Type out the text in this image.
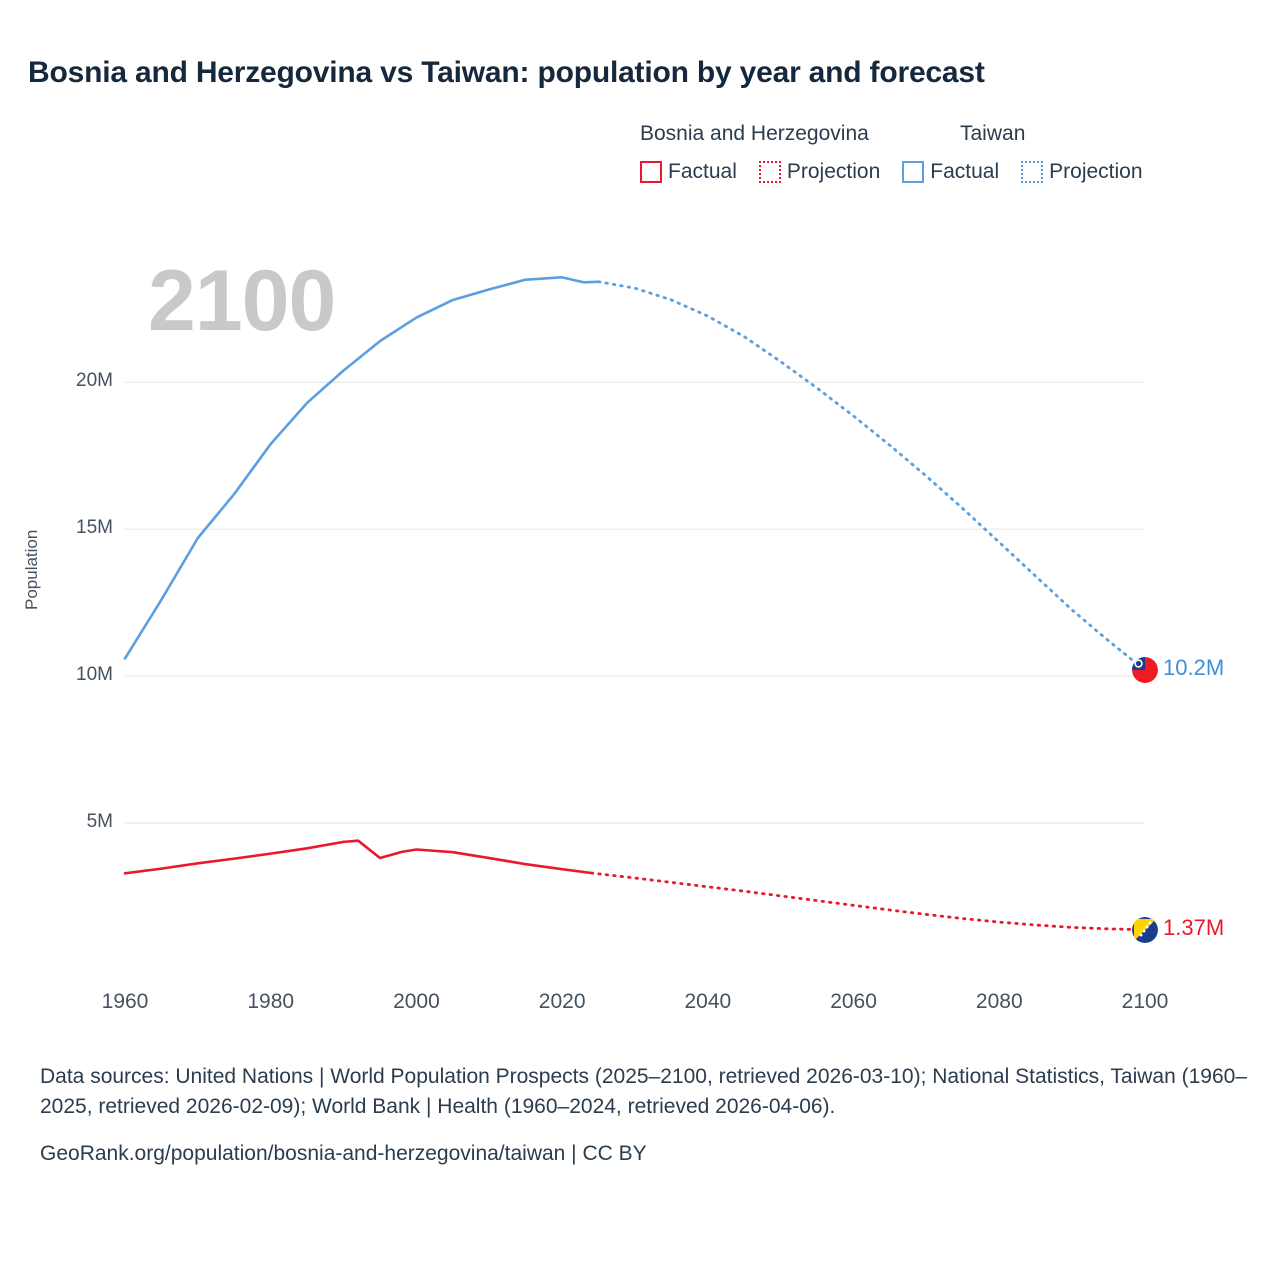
Bosnia and Herzegovina vs Taiwan: population by year and forecast
Bosnia and Herzegovina	Taiwan
Factual Projection Factual Projection
2100
Population
20M
15M
10M
5M
10.2M
1.37M
1960	1980	2000	2020	2040	2060	2080	2100

Data sources: United Nations | World Population Prospects (2025–2100, retrieved 2026-03-10); National Statistics, Taiwan (1960–2025, retrieved 2026-02-09); World Bank | Health (1960–2024, retrieved 2026-04-06).

GeoRank.org/population/bosnia-and-herzegovina/taiwan | CC BY
